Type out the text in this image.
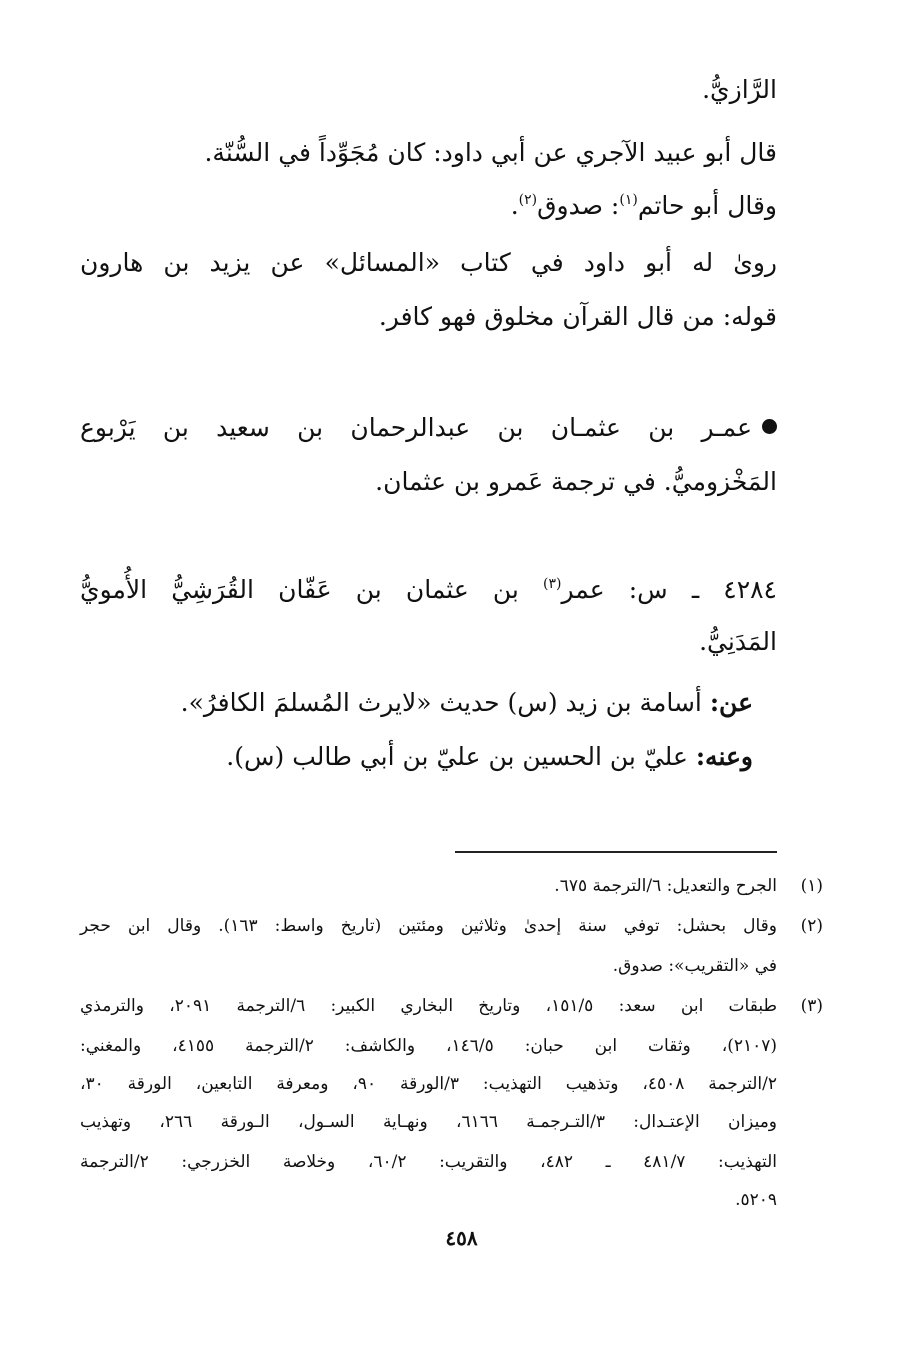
الرَّازيُّ.
قال أبو عبيد الآجري عن أبي داود: كان مُجَوِّداً في السُّنّة.
وقال أبو حاتم$^{(١)}$: صدوق$^{(٢)}$.
روىٰ له أبو داود في كتاب «المسائل» عن يزيد بن هارون
قوله: من قال القرآن مخلوق فهو كافر.
عمـر بن عثمـان بن عبدالرحمان بن سعيد بن يَرْبوع
المَخْزوميُّ. في ترجمة عَمرو بن عثمان.
٤٢٨٤ ـ س: عمر$^{(٣)}$ بن عثمان بن عَفّان القُرَشِيُّ الأُمويُّ
المَدَنِيُّ.
عن: أسامة بن زيد (س) حديث «لايرث المُسلمَ الكافرُ».
وعنه: عليّ بن الحسين بن عليّ بن أبي طالب (س).
(١)
الجرح والتعديل: ٦/الترجمة ٦٧٥.
(٢)
وقال بحشل: توفي سنة إحدىٰ وثلاثين ومئتين (تاريخ واسط: ١٦٣). وقال ابن حجر
في «التقريب»: صدوق.
(٣)
طبقات ابن سعد: ١٥١/٥، وتاريخ البخاري الكبير: ٦/الترجمة ٢٠٩١، والترمذي
(٢١٠٧)، وثقات ابن حبان: ١٤٦/٥، والكاشف: ٢/الترجمة ٤١٥٥، والمغني:
٢/الترجمة ٤٥٠٨، وتذهيب التهذيب: ٣/الورقة ٩٠، ومعرفة التابعين، الورقة ٣٠،
وميزان الإعتـدال: ٣/التـرجمـة ٦١٦٦، ونهـاية السـول، الـورقة ٢٦٦، وتهذيب
التهذيب: ٤٨١/٧ ـ ٤٨٢، والتقريب: ٦٠/٢، وخلاصة الخزرجي: ٢/الترجمة
٥٢٠٩.
٤٥٨
